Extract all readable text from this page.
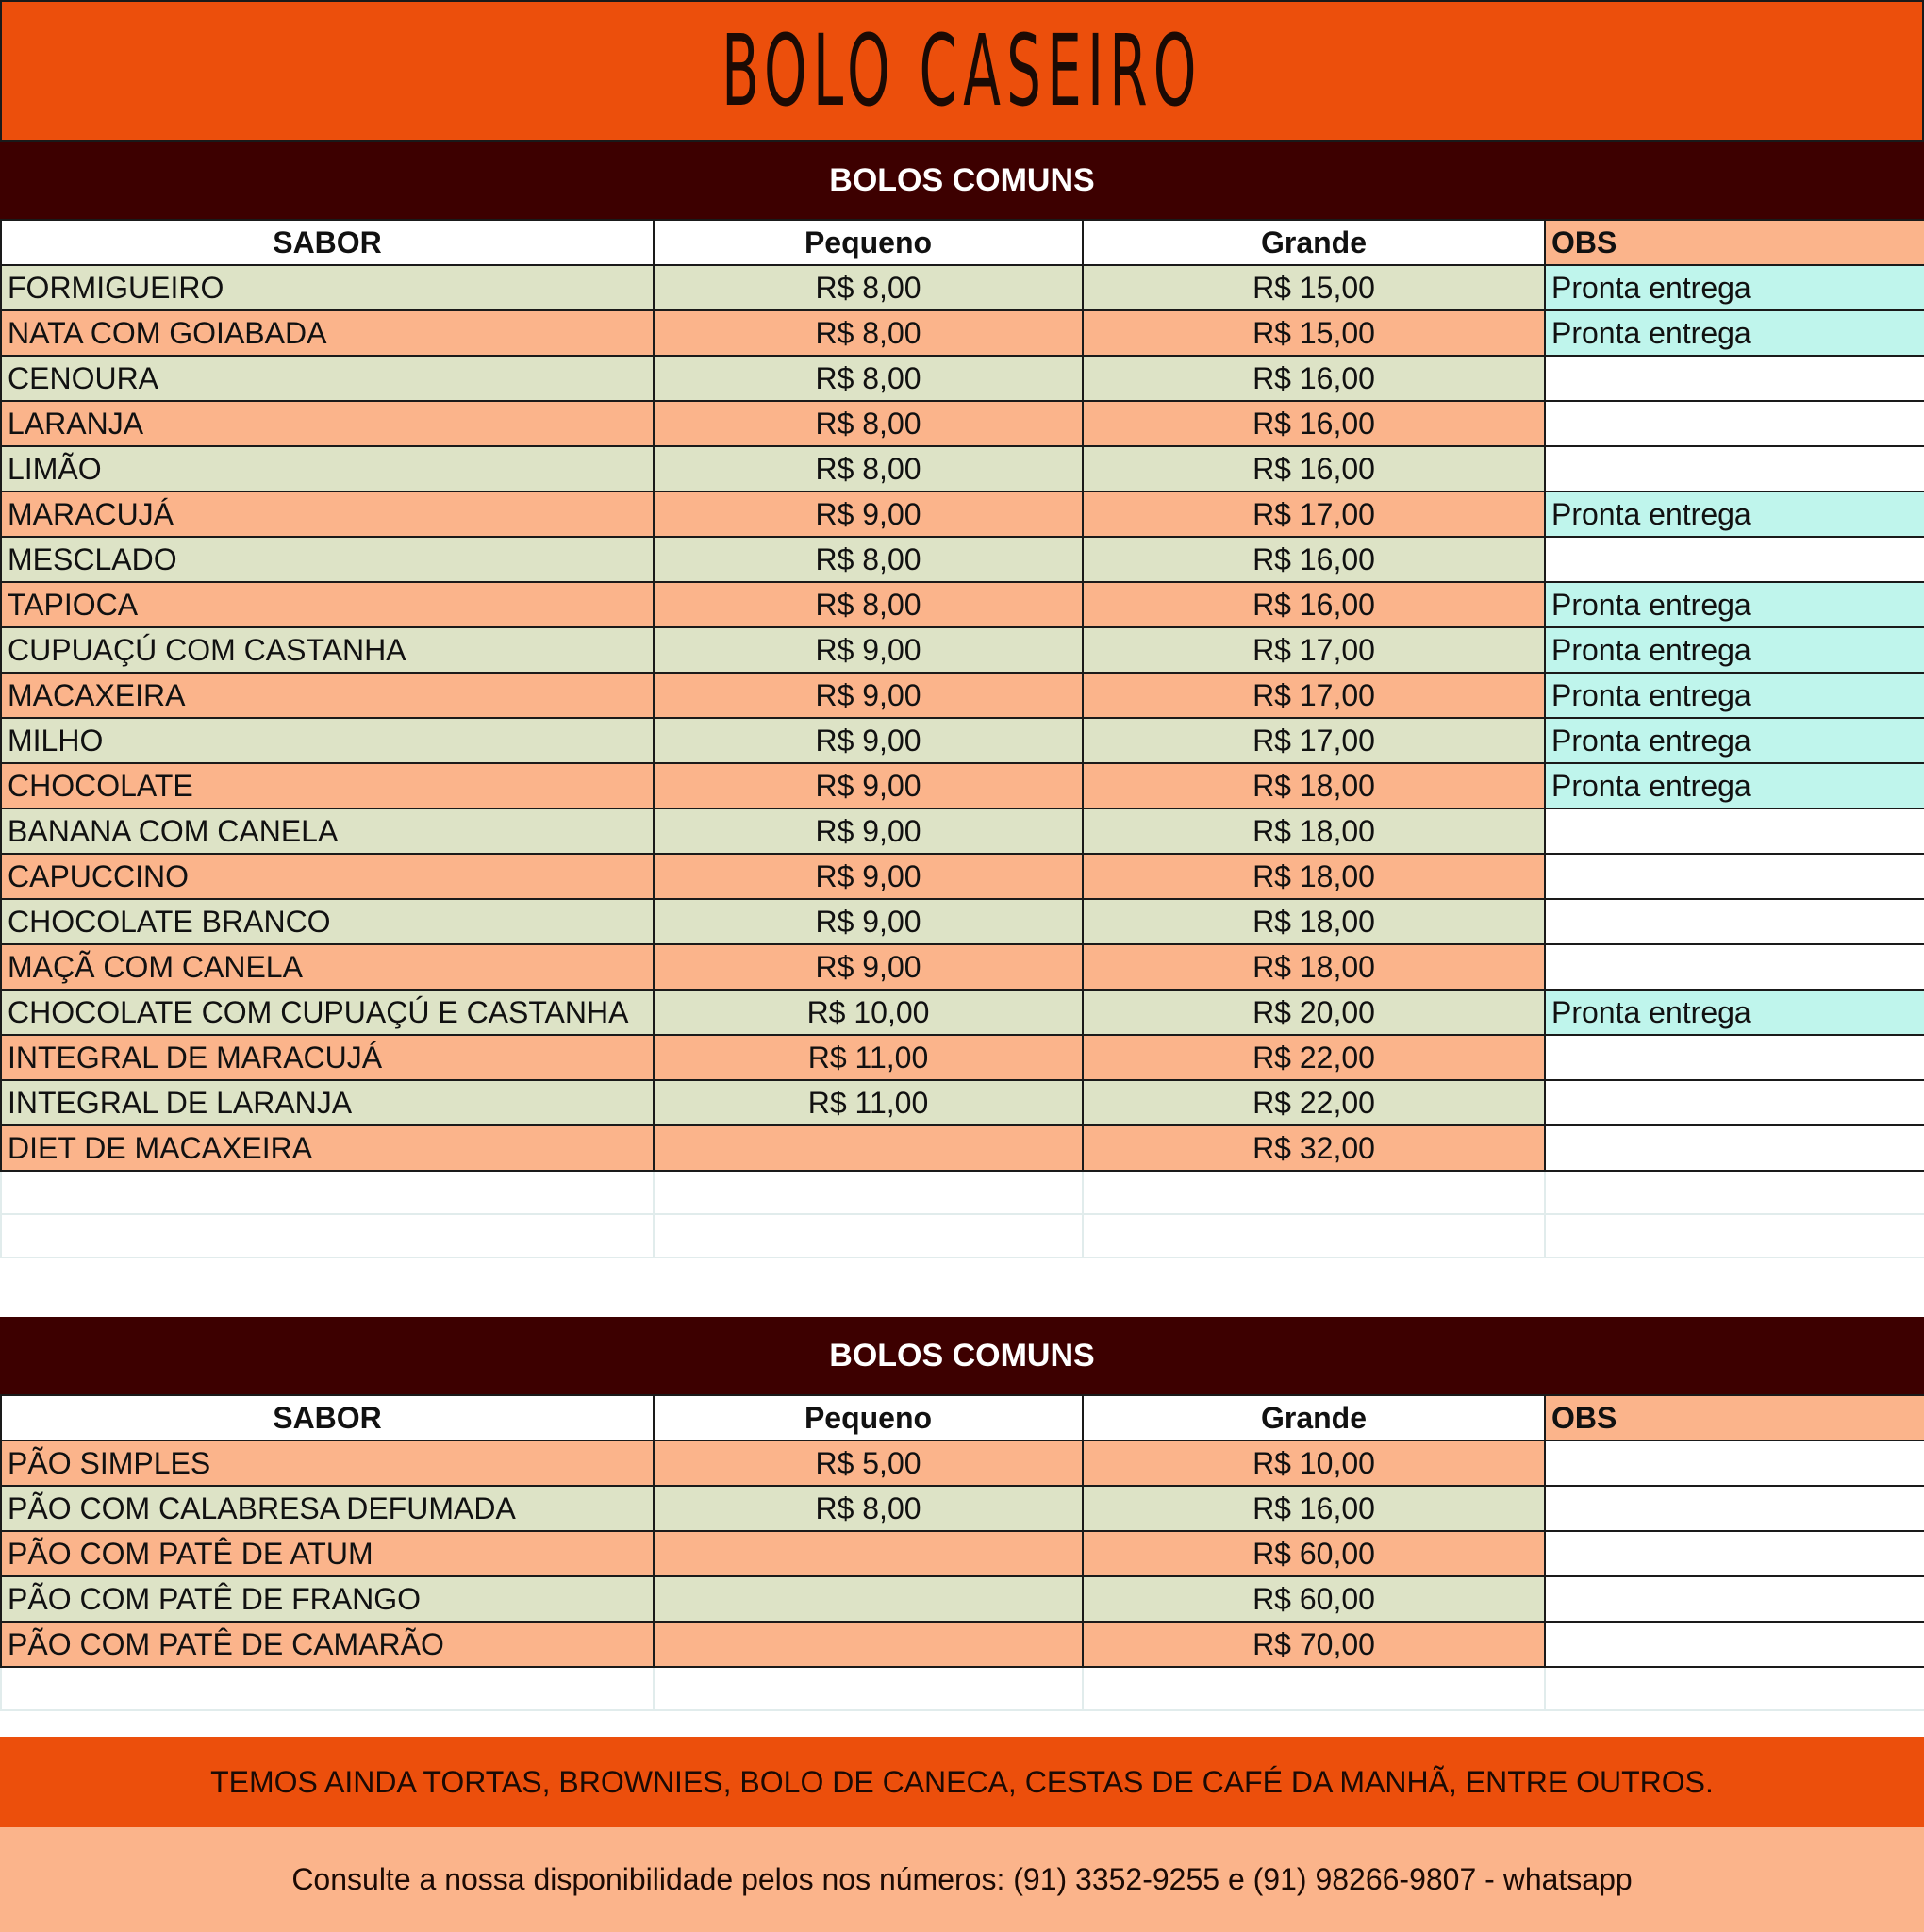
BOLO CASEIRO
BOLOS COMUNS
SABOR	Pequeno	Grande	OBS
FORMIGUEIRO	R$ 8,00	R$ 15,00	Pronta entrega
NATA COM GOIABADA	R$ 8,00	R$ 15,00	Pronta entrega
CENOURA	R$ 8,00	R$ 16,00	
LARANJA	R$ 8,00	R$ 16,00	
LIMÃO	R$ 8,00	R$ 16,00	
MARACUJÁ	R$ 9,00	R$ 17,00	Pronta entrega
MESCLADO	R$ 8,00	R$ 16,00	
TAPIOCA	R$ 8,00	R$ 16,00	Pronta entrega
CUPUAÇÚ COM CASTANHA	R$ 9,00	R$ 17,00	Pronta entrega
MACAXEIRA	R$ 9,00	R$ 17,00	Pronta entrega
MILHO	R$ 9,00	R$ 17,00	Pronta entrega
CHOCOLATE	R$ 9,00	R$ 18,00	Pronta entrega
BANANA COM CANELA	R$ 9,00	R$ 18,00	
CAPUCCINO	R$ 9,00	R$ 18,00	
CHOCOLATE BRANCO	R$ 9,00	R$ 18,00	
MAÇÃ COM CANELA	R$ 9,00	R$ 18,00	
CHOCOLATE COM CUPUAÇÚ E CASTANHA	R$ 10,00	R$ 20,00	Pronta entrega
INTEGRAL DE MARACUJÁ	R$ 11,00	R$ 22,00	
INTEGRAL DE LARANJA	R$ 11,00	R$ 22,00	
DIET DE MACAXEIRA		R$ 32,00	

BOLOS COMUNS
SABOR	Pequeno	Grande	OBS
PÃO SIMPLES	R$ 5,00	R$ 10,00	
PÃO COM CALABRESA DEFUMADA	R$ 8,00	R$ 16,00	
PÃO COM PATÊ DE ATUM		R$ 60,00	
PÃO COM PATÊ DE FRANGO		R$ 60,00	
PÃO COM PATÊ DE CAMARÃO		R$ 70,00	

TEMOS AINDA TORTAS, BROWNIES, BOLO DE CANECA, CESTAS DE CAFÉ DA MANHÃ, ENTRE OUTROS.
Consulte a nossa disponibilidade pelos nos números: (91) 3352-9255 e (91) 98266-9807 - whatsapp
